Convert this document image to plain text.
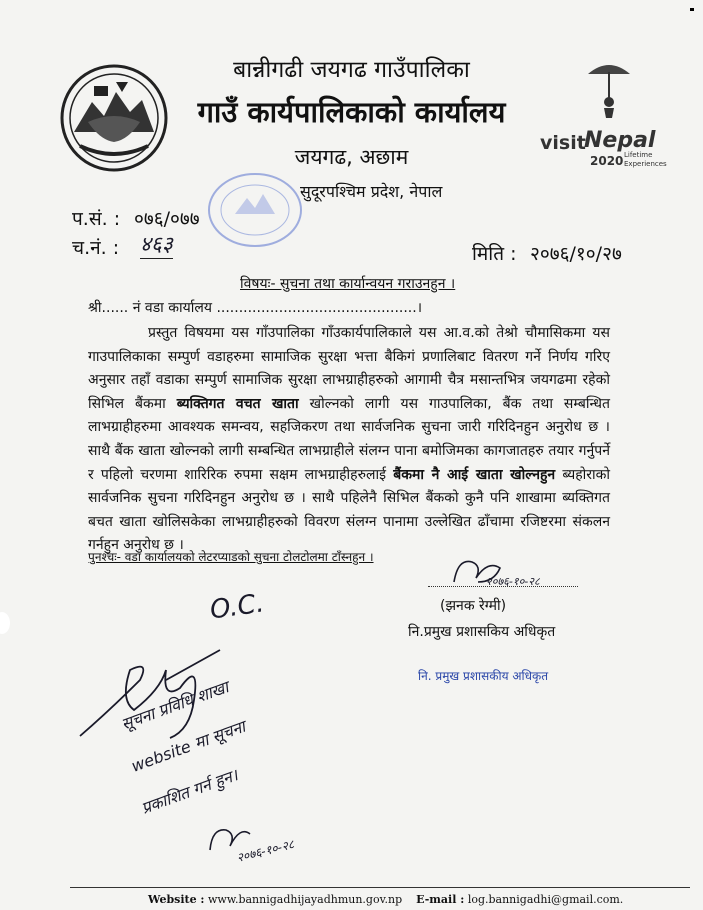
visit
Nepal
2020 Lifetime
Experiences
बान्नीगढी जयगढ गाउँपालिका
गाउँ कार्यपालिकाको कार्यालय
जयगढ, अछाम
सुदूरपश्चिम प्रदेश, नेपाल
प.सं. : ०७६/०७७
च.नं. : ४६३	मिति : २०७६/१०/२७
विषयः- सुचना तथा कार्यान्वयन गराउनहुन ।
श्री...... नं वडा कार्यालय .............................................।
प्रस्तुत विषयमा यस गाँउपालिका गाँउकार्यपालिकाले यस आ.व.को तेश्रो चौमासिकमा यस गाउपालिकाका सम्पुर्ण वडाहरुमा सामाजिक सुरक्षा भत्ता बैकिगं प्रणालिबाट वितरण गर्ने निर्णय गरिए अनुसार तहाँ वडाका सम्पुर्ण सामाजिक सुरक्षा लाभग्राहीहरुको आगामी चैत्र मसान्तभित्र जयगढमा रहेको सिभिल बैंकमा ब्यक्तिगत वचत खाता खोल्नको लागी यस गाउपालिका, बैंक तथा सम्बन्धित लाभग्राहीहरुमा आवश्यक समन्वय, सहजिकरण तथा सार्वजनिक सुचना जारी गरिदिनहुन अनुरोध छ । साथै बैंक खाता खोल्नको लागी सम्बन्धित लाभग्राहीले संलग्न पाना बमोजिमका कागजातहरु तयार गर्नुपर्ने र पहिलो चरणमा शारिरिक रुपमा सक्षम लाभग्राहीहरुलाई बैंकमा नै आई खाता खोल्नहुन ब्यहोराको सार्वजनिक सुचना गरिदिनहुन अनुरोध छ । साथै पहिलेनै सिभिल बैंकको कुनै पनि शाखामा ब्यक्तिगत बचत खाता खोलिसकेका लाभग्राहीहरुको विवरण संलग्न पानामा उल्लेखित ढाँचामा रजिष्टरमा संकलन गर्नहुन अनुरोध छ ।
पुनश्चः- वडा कार्यालयको लेटरप्याडको सुचना टोलटोलमा टाँस्नहुन ।
२०७६-१०-२८
(झनक रेग्मी)
नि.प्रमुख प्रशासकिय अधिकृत
नि. प्रमुख प्रशासकीय अधिकृत
O.C.
सूचना प्रविधि शाखा
website मा सूचना
प्रकाशित गर्न हुन।
२०७६-१०-२८
Website : www.bannigadhijayadhmun.gov.np E-mail : log.bannigadhi@gmail.com.
